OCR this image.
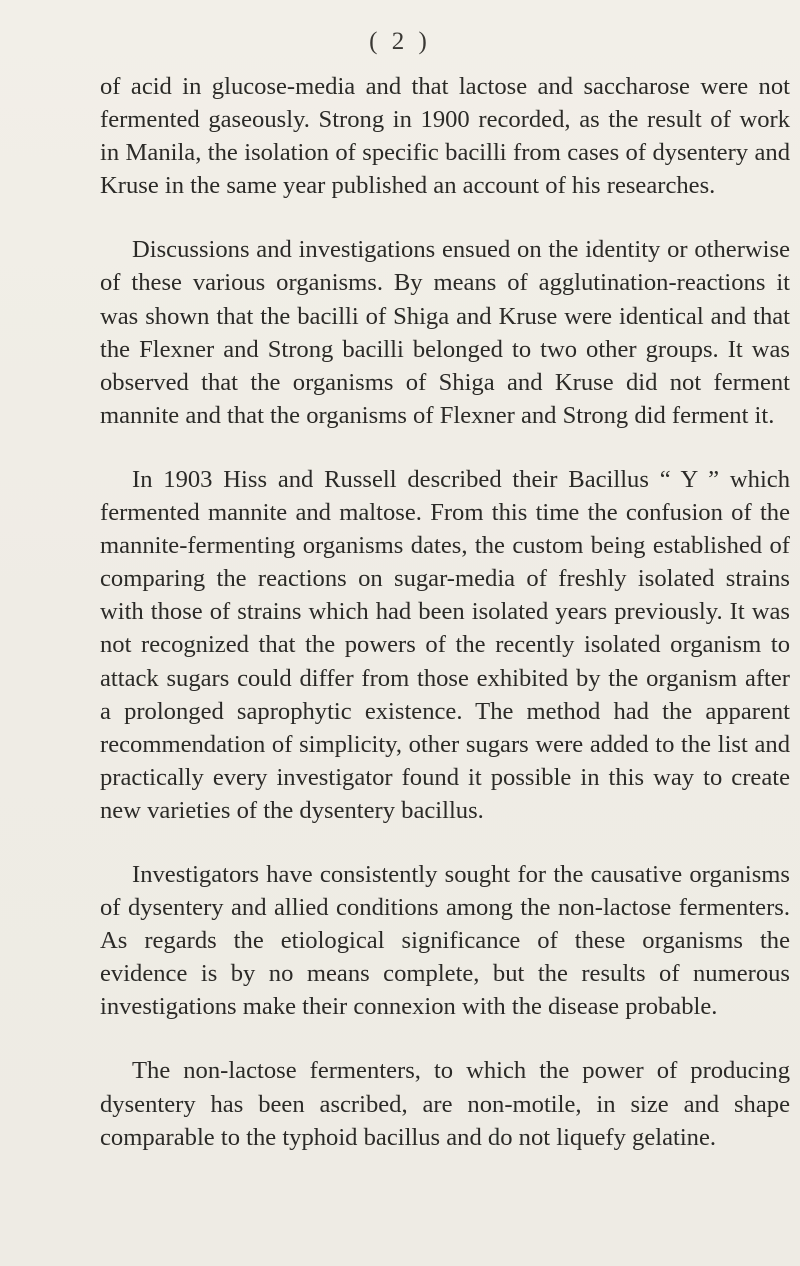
( 2 )

of acid in glucose-media and that lactose and saccharose were not fermented gaseously. Strong in 1900 recorded, as the result of work in Manila, the isolation of specific bacilli from cases of dysentery and Kruse in the same year published an account of his researches.

Discussions and investigations ensued on the identity or otherwise of these various organisms. By means of agglutination-reactions it was shown that the bacilli of Shiga and Kruse were identical and that the Flexner and Strong bacilli belonged to two other groups. It was observed that the organisms of Shiga and Kruse did not ferment mannite and that the organisms of Flexner and Strong did ferment it.

In 1903 Hiss and Russell described their Bacillus “ Y ” which fermented mannite and maltose. From this time the confusion of the mannite-fermenting organisms dates, the custom being established of comparing the reactions on sugar-media of freshly isolated strains with those of strains which had been isolated years previously. It was not recognized that the powers of the recently isolated organism to attack sugars could differ from those exhibited by the organism after a prolonged saprophytic existence. The method had the apparent recommendation of simplicity, other sugars were added to the list and practically every investigator found it possible in this way to create new varieties of the dysentery bacillus.

Investigators have consistently sought for the causative organisms of dysentery and allied conditions among the non-lactose fermenters. As regards the etiological significance of these organisms the evidence is by no means complete, but the results of numerous investigations make their connexion with the disease probable.

The non-lactose fermenters, to which the power of producing dysentery has been ascribed, are non-motile, in size and shape comparable to the typhoid bacillus and do not liquefy gelatine.
